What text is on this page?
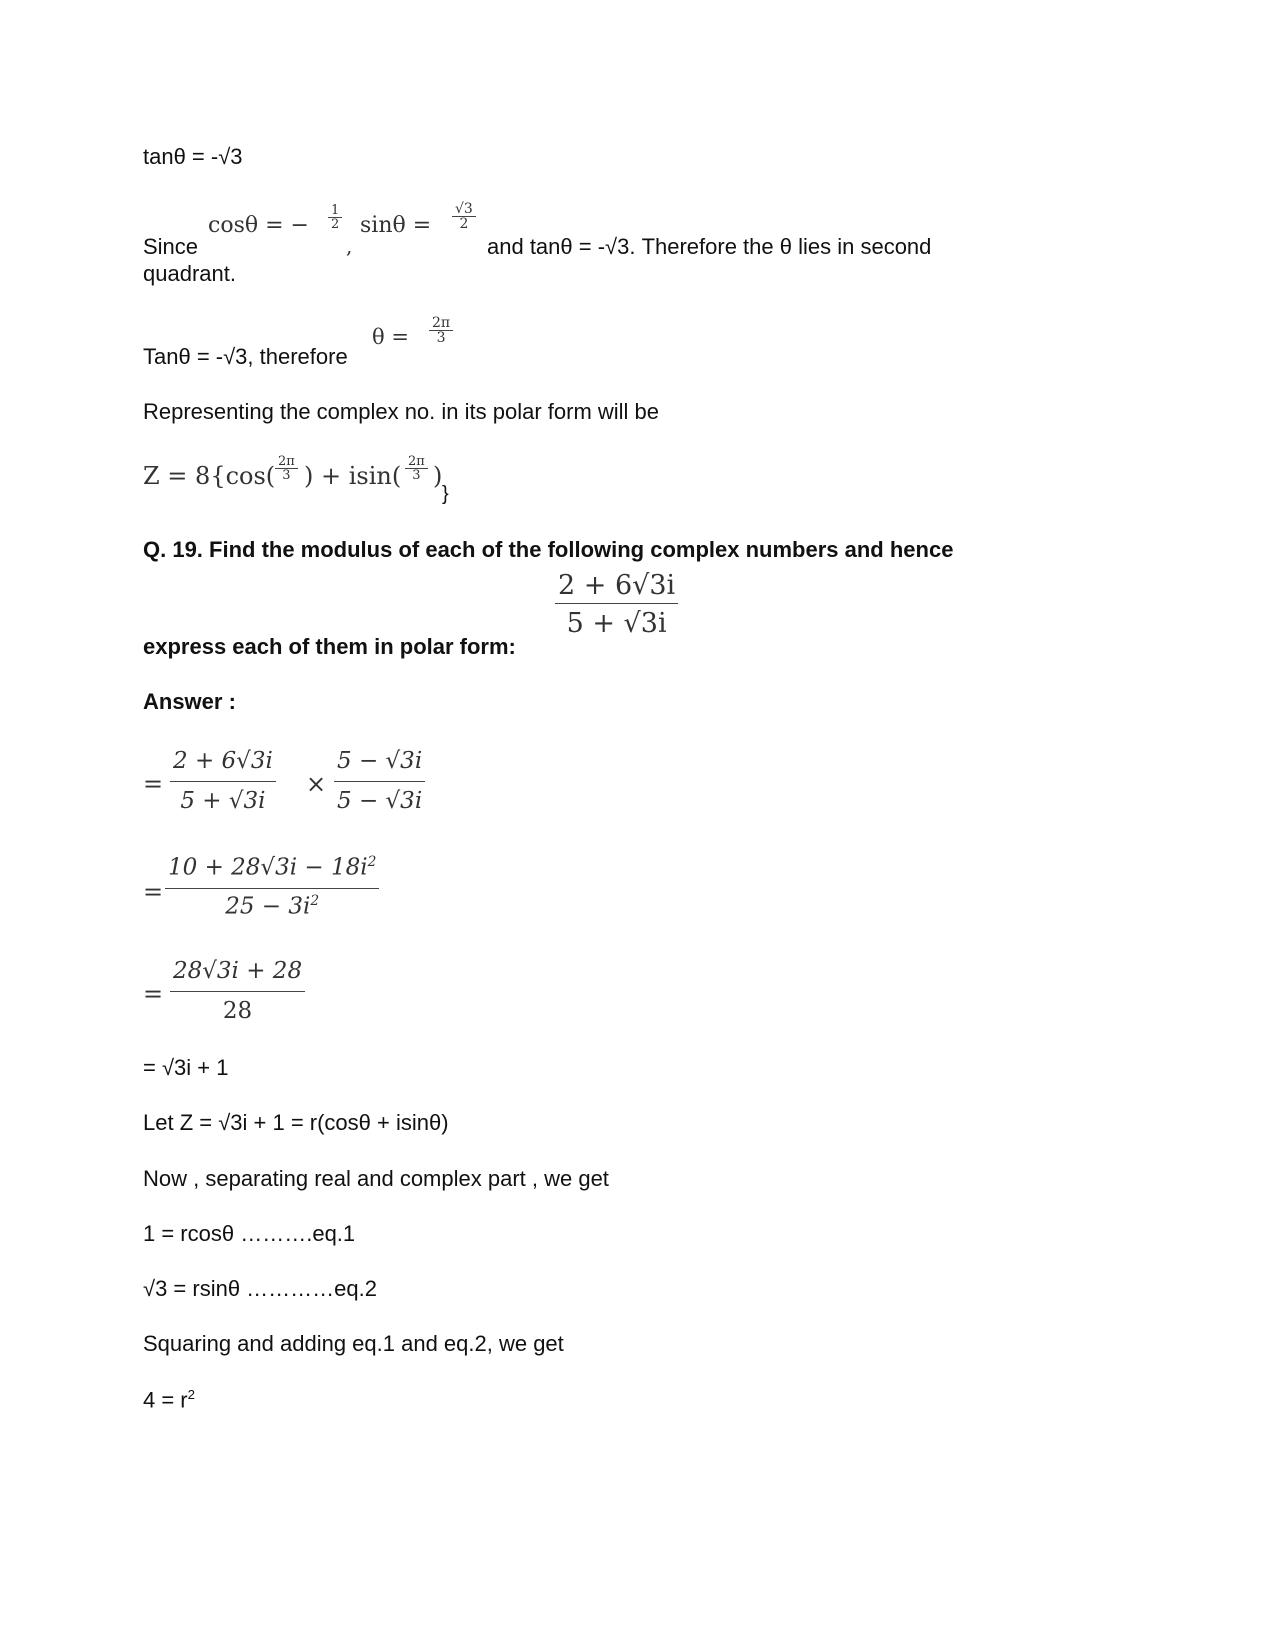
tanθ = -√3
Since
cosθ = −
1
2
,
sinθ =
√3
2
and tanθ = -√3. Therefore the θ lies in second
quadrant.
Tanθ = -√3, therefore
θ =
2π
3
Representing the complex no. in its polar form will be
Z = 8{cos(
2π
3 ) + isin(
2π
3 )
}
Q. 19. Find the modulus of each of the following complex numbers and hence
express each of them in polar form:
2 + 6√3i
5 + √3i
Answer :
=
2 + 6√3i
5 + √3i
×
5 − √3i
5 − √3i
=
$10 + 28√3i - 18i^2$
$25 - 3i^2$
=
28√3i + 28
28
= √3i + 1
Let Z = √3i + 1 = r(cosθ + isinθ)
Now , separating real and complex part , we get
1 = rcosθ ……….eq.1
√3 = rsinθ …………eq.2
Squaring and adding eq.1 and eq.2, we get
$4 = r^2$
